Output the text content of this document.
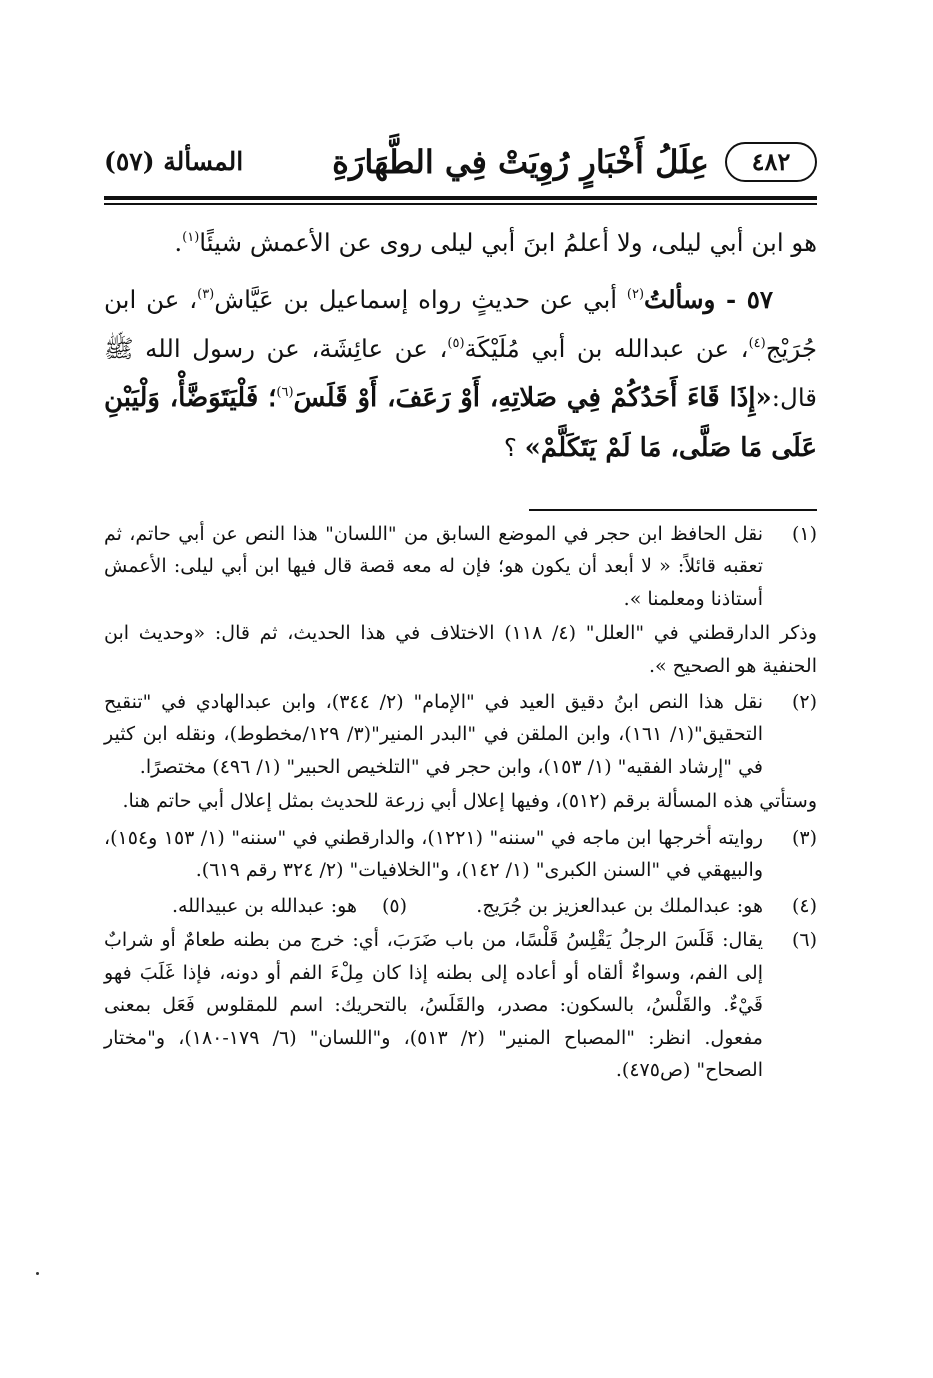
٤٨٢
عِلَلُ أَخْبَارٍ رُوِيَتْ فِي الطَّهَارَةِ
المسألة (٥٧)

هو ابن أبي ليلى، ولا أعلمُ ابنَ أبي ليلى روى عن الأعمش شيئًا$^{(١)}$.

٥٧ - وسألتُ$^{(٢)}$ أبي عن حديثٍ رواه إسماعيل بن عَيَّاش$^{(٣)}$، عن ابن جُرَيْج$^{(٤)}$، عن عبدالله بن أبي مُلَيْكَة$^{(٥)}$، عن عائِشَة، عن رسول الله ﷺ قال:«إِذَا قَاءَ أَحَدُكُمْ فِي صَلاتِهِ، أَوْ رَعَفَ، أَوْ قَلَسَ$^{(٦)}$؛ فَلْيَتَوَضَّأْ، وَلْيَبْنِ عَلَى مَا صَلَّى، مَا لَمْ يَتَكَلَّمْ» ؟

(١)

نقل الحافظ ابن حجر في الموضع السابق من "اللسان" هذا النص عن أبي حاتم، ثم تعقبه قائلاً: « لا أبعد أن يكون هو؛ فإن له معه قصة قال فيها ابن أبي ليلى: الأعمش أستاذنا ومعلمنا ».

وذكر الدارقطني في "العلل" (٤/ ١١٨) الاختلاف في هذا الحديث، ثم قال: «وحديث ابن الحنفية هو الصحيح ».

(٢)

نقل هذا النص ابنُ دقيق العيد في "الإمام" (٢/ ٣٤٤)، وابن عبدالهادي في "تنقيح التحقيق"(١/ ١٦١)، وابن الملقن في "البدر المنير"(٣/ ١٢٩/مخطوط)، ونقله ابن كثير في "إرشاد الفقيه" (١/ ١٥٣)، وابن حجر في "التلخيص الحبير" (١/ ٤٩٦) مختصرًا.

وستأتي هذه المسألة برقم (٥١٢)، وفيها إعلال أبي زرعة للحديث بمثل إعلال أبي حاتم هنا.

(٣)

روايته أخرجها ابن ماجه في "سننه" (١٢٢١)، والدارقطني في "سننه" (١/ ١٥٣ و١٥٤)، والبيهقي في "السنن الكبرى" (١/ ١٤٢)، و"الخلافيات" (٢/ ٣٢٤ رقم ٦١٩).

(٤)
هو: عبدالملك بن عبدالعزيز بن جُرَيج.
(٥)
هو: عبدالله بن عبيدالله.
(٦)

يقال: قَلَسَ الرجلُ يَقْلِسُ قَلْسًا، من باب ضَرَبَ، أي: خرج من بطنه طعامٌ أو شرابٌ إلى الفم، وسواءٌ ألقاه أو أعاده إلى بطنه إذا كان مِلْءَ الفم أو دونه، فإذا غَلَبَ فهو قَيْءٌ. والقَلْسُ، بالسكون: مصدر، والقَلَسُ، بالتحريك: اسم للمقلوس فَعَل بمعنى مفعول. انظر: "المصباح المنير" (٢/ ٥١٣)، و"اللسان" (٦/ ١٧٩-١٨٠)، و"مختار الصحاح" (ص٤٧٥).
